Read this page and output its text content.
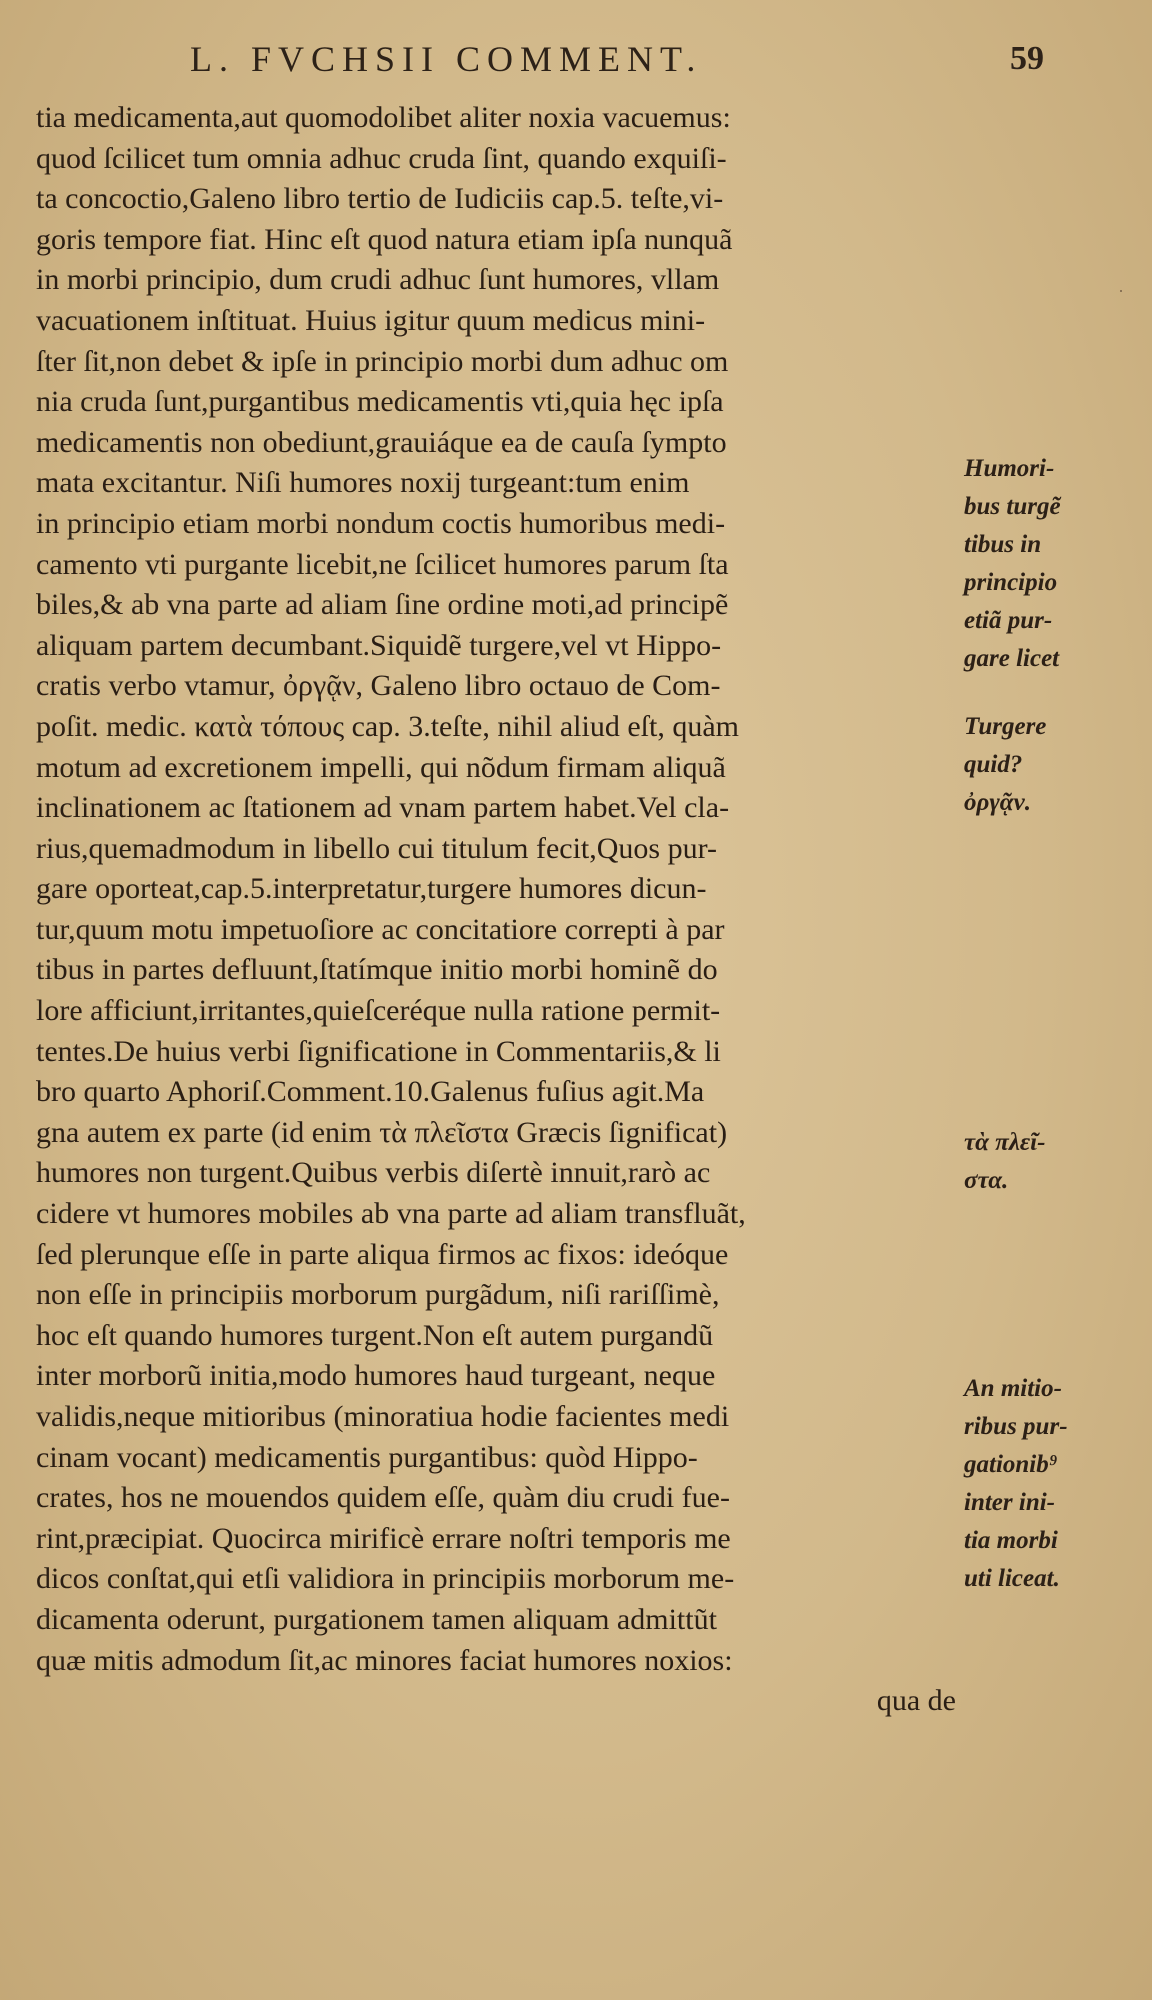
L. FVCHSII COMMENT.	59
tia medicamenta,aut quomodolibet aliter noxia vacuemus:
quod ſcilicet tum omnia adhuc cruda ſint, quando exquiſi-
ta concoctio,Galeno libro tertio de Iudiciis cap.5. teſte,vi-
goris tempore fiat. Hinc eſt quod natura etiam ipſa nunquã
in morbi principio, dum crudi adhuc ſunt humores, vllam
vacuationem inſtituat. Huius igitur quum medicus mini-
ſter ſit,non debet & ipſe in principio morbi dum adhuc om
nia cruda ſunt,purgantibus medicamentis vti,quia hęc ipſa
medicamentis non obediunt,grauiáque ea de cauſa ſympto
mata excitantur. Niſi humores noxij turgeant:tum enim
in principio etiam morbi nondum coctis humoribus medi-
camento vti purgante licebit,ne ſcilicet humores parum ſta
biles,& ab vna parte ad aliam ſine ordine moti,ad principẽ
aliquam partem decumbant.Siquidẽ turgere,vel vt Hippo-
cratis verbo vtamur, ὀργᾷν, Galeno libro octauo de Com-
poſit. medic. κατὰ τόπους cap. 3.teſte, nihil aliud eſt, quàm
motum ad excretionem impelli, qui nõdum firmam aliquã
inclinationem ac ſtationem ad vnam partem habet.Vel cla-
rius,quemadmodum in libello cui titulum fecit,Quos pur-
gare oporteat,cap.5.interpretatur,turgere humores dicun-
tur,quum motu impetuoſiore ac concitatiore correpti à par
tibus in partes defluunt,ſtatímque initio morbi hominẽ do
lore afficiunt,irritantes,quieſceréque nulla ratione permit-
tentes.De huius verbi ſignificatione in Commentariis,& li
bro quarto Aphoriſ.Comment.10.Galenus fuſius agit.Ma
gna autem ex parte (id enim τὰ πλεῖστα Græcis ſignificat)
humores non turgent.Quibus verbis diſertè innuit,rarò ac
cidere vt humores mobiles ab vna parte ad aliam transfluãt,
ſed plerunque eſſe in parte aliqua firmos ac fixos: ideóque
non eſſe in principiis morborum purgãdum, niſi rariſſimè,
hoc eſt quando humores turgent.Non eſt autem purgandũ
inter morborũ initia,modo humores haud turgeant, neque
validis,neque mitioribus (minoratiua hodie facientes medi
cinam vocant) medicamentis purgantibus: quòd Hippo-
crates, hos ne mouendos quidem eſſe, quàm diu crudi fue-
rint,præcipiat. Quocirca mirificè errare noſtri temporis me
dicos conſtat,qui etſi validiora in principiis morborum me-
dicamenta oderunt, purgationem tamen aliquam admittũt
quæ mitis admodum ſit,ac minores faciat humores noxios:
qua de
Humori-
bus turgẽ
tibus in
principio
etiã pur-
gare licet
Turgere
quid?
ὀργᾷν.
τὰ πλεῖ-
στα.
An mitio-
ribus pur-
gationib⁹
inter ini-
tia morbi
uti liceat.
